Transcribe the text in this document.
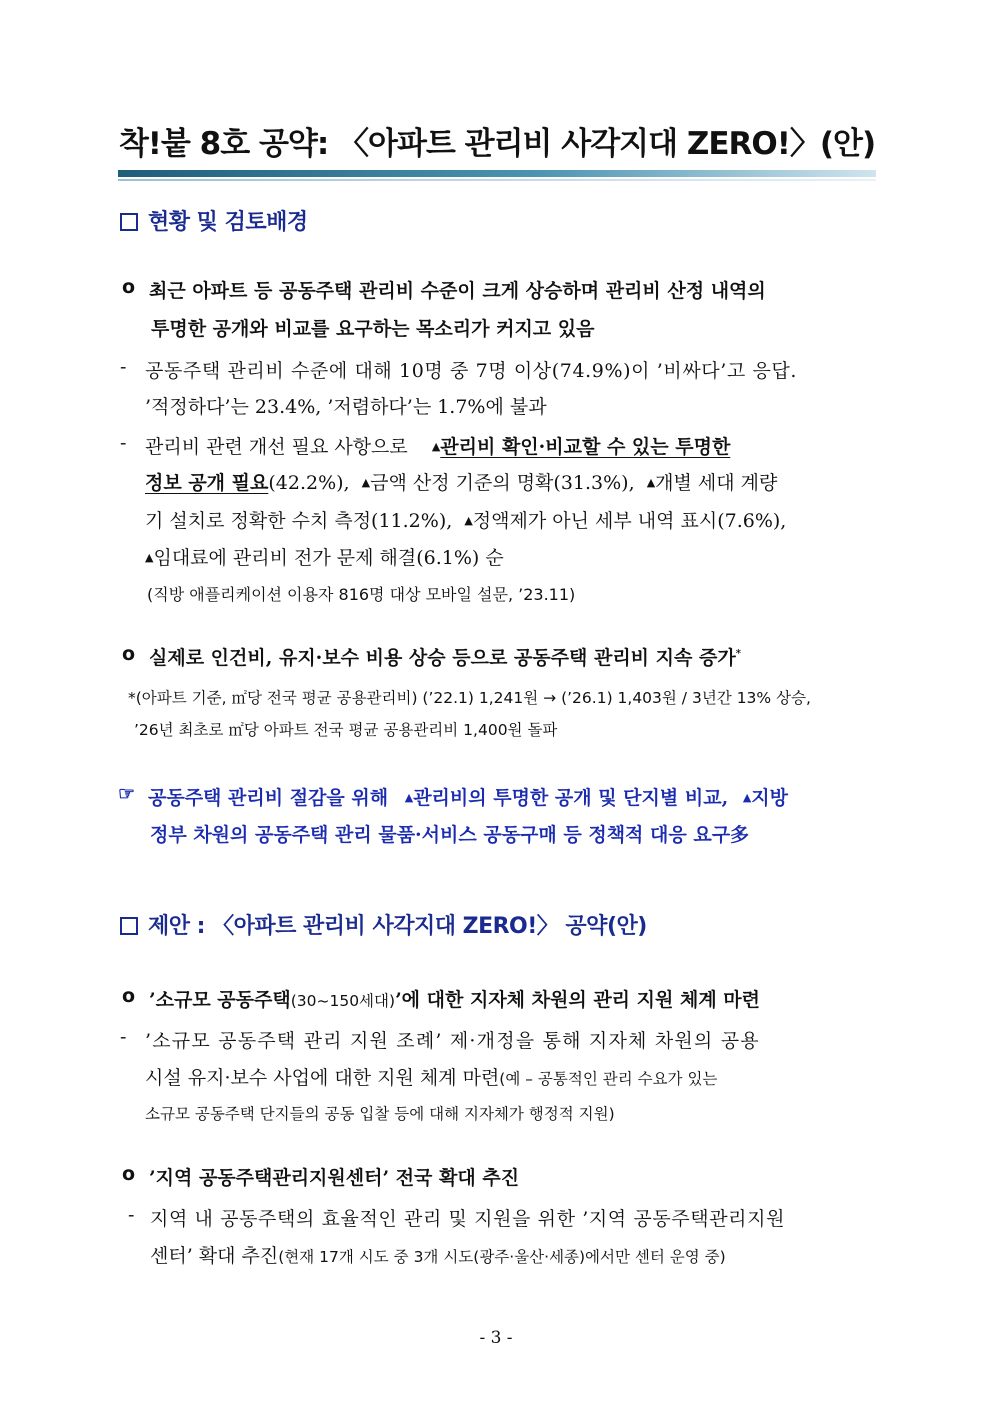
착!붙 8호 공약: 〈아파트 관리비 사각지대 ZERO!〉(안)
현황 및 검토배경
o 최근 아파트 등 공동주택 관리비 수준이 크게 상승하며 관리비 산정 내역의
투명한 공개와 비교를 요구하는 목소리가 커지고 있음
- 공동주택 관리비 수준에 대해 10명 중 7명 이상(74.9%)이 ’비싸다’고 응답.
’적정하다’는 23.4%, ’저렴하다’는 1.7%에 불과
- 관리비 관련 개선 필요 사항으로 ▲관리비 확인·비교할 수 있는 투명한
정보 공개 필요(42.2%), ▲금액 산정 기준의 명확(31.3%), ▲개별 세대 계량
기 설치로 정확한 수치 측정(11.2%), ▲정액제가 아닌 세부 내역 표시(7.6%),
▲임대료에 관리비 전가 문제 해결(6.1%) 순
(직방 애플리케이션 이용자 816명 대상 모바일 설문, ’23.11)
o 실제로 인건비, 유지·보수 비용 상승 등으로 공동주택 관리비 지속 증가*
*(아파트 기준, ㎡당 전국 평균 공용관리비) (’22.1) 1,241원 → (’26.1) 1,403원 / 3년간 13% 상승,
’26년 최초로 ㎡당 아파트 전국 평균 공용관리비 1,400원 돌파
☞ 공동주택 관리비 절감을 위해 ▲관리비의 투명한 공개 및 단지별 비교, ▲지방
정부 차원의 공동주택 관리 물품·서비스 공동구매 등 정책적 대응 요구多
제안 : 〈아파트 관리비 사각지대 ZERO!〉 공약(안)
o ’소규모 공동주택(30~150세대)’에 대한 지자체 차원의 관리 지원 체계 마련
- ’소규모 공동주택 관리 지원 조례’ 제·개정을 통해 지자체 차원의 공용
시설 유지·보수 사업에 대한 지원 체계 마련(예 – 공통적인 관리 수요가 있는
소규모 공동주택 단지들의 공동 입찰 등에 대해 지자체가 행정적 지원)
o ’지역 공동주택관리지원센터’ 전국 확대 추진
- 지역 내 공동주택의 효율적인 관리 및 지원을 위한 ’지역 공동주택관리지원
센터’ 확대 추진(현재 17개 시도 중 3개 시도(광주·울산·세종)에서만 센터 운영 중)
- 3 -
